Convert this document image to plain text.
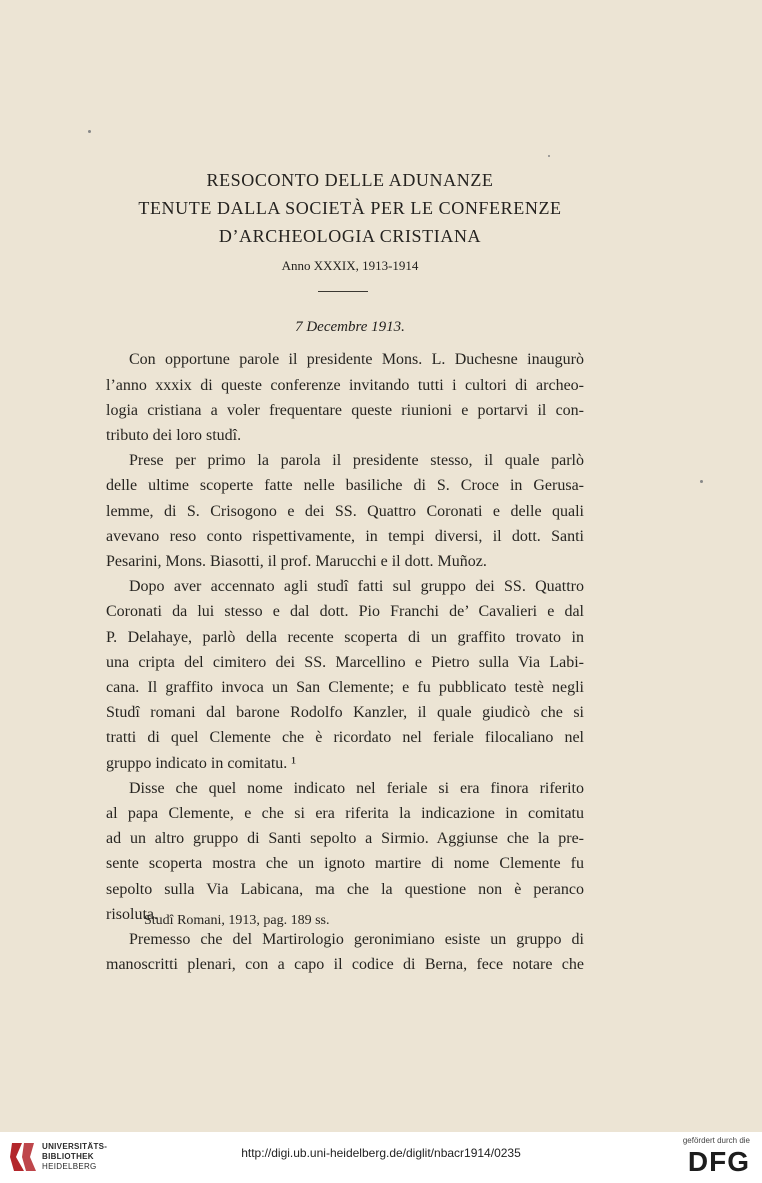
RESOCONTO DELLE ADUNANZE
TENUTE DALLA SOCIETÀ PER LE CONFERENZE
D’ARCHEOLOGIA CRISTIANA
Anno XXXIX, 1913-1914
7 Decembre 1913.
Con opportune parole il presidente Mons. L. Duchesne inaugurò
l’anno xxxix di queste conferenze invitando tutti i cultori di archeo-
logia cristiana a voler frequentare queste riunioni e portarvi il con-
tributo dei loro studî.
Prese per primo la parola il presidente stesso, il quale parlò
delle ultime scoperte fatte nelle basiliche di S. Croce in Gerusa-
lemme, di S. Crisogono e dei SS. Quattro Coronati e delle quali
avevano reso conto rispettivamente, in tempi diversi, il dott. Santi
Pesarini, Mons. Biasotti, il prof. Marucchi e il dott. Muñoz.
Dopo aver accennato agli studî fatti sul gruppo dei SS. Quattro
Coronati da lui stesso e dal dott. Pio Franchi de’ Cavalieri e dal
P. Delahaye, parlò della recente scoperta di un graffito trovato in
una cripta del cimitero dei SS. Marcellino e Pietro sulla Via Labi-
cana. Il graffito invoca un San Clemente; e fu pubblicato testè negli
Studî romani dal barone Rodolfo Kanzler, il quale giudicò che si
tratti di quel Clemente che è ricordato nel feriale filocaliano nel
gruppo indicato in comitatu. ¹
Disse che quel nome indicato nel feriale si era finora riferito
al papa Clemente, e che si era riferita la indicazione in comitatu
ad un altro gruppo di Santi sepolto a Sirmio. Aggiunse che la pre-
sente scoperta mostra che un ignoto martire di nome Clemente fu
sepolto sulla Via Labicana, ma che la questione non è peranco
risoluta.
Premesso che del Martirologio geronimiano esiste un gruppo di
manoscritti plenari, con a capo il codice di Berna, fece notare che
Studî Romani, 1913, pag. 189 ss.
UNIVERSITÄTS-
BIBLIOTHEK
HEIDELBERG
http://digi.ub.uni-heidelberg.de/diglit/nbacr1914/0235
gefördert durch die
DFG
